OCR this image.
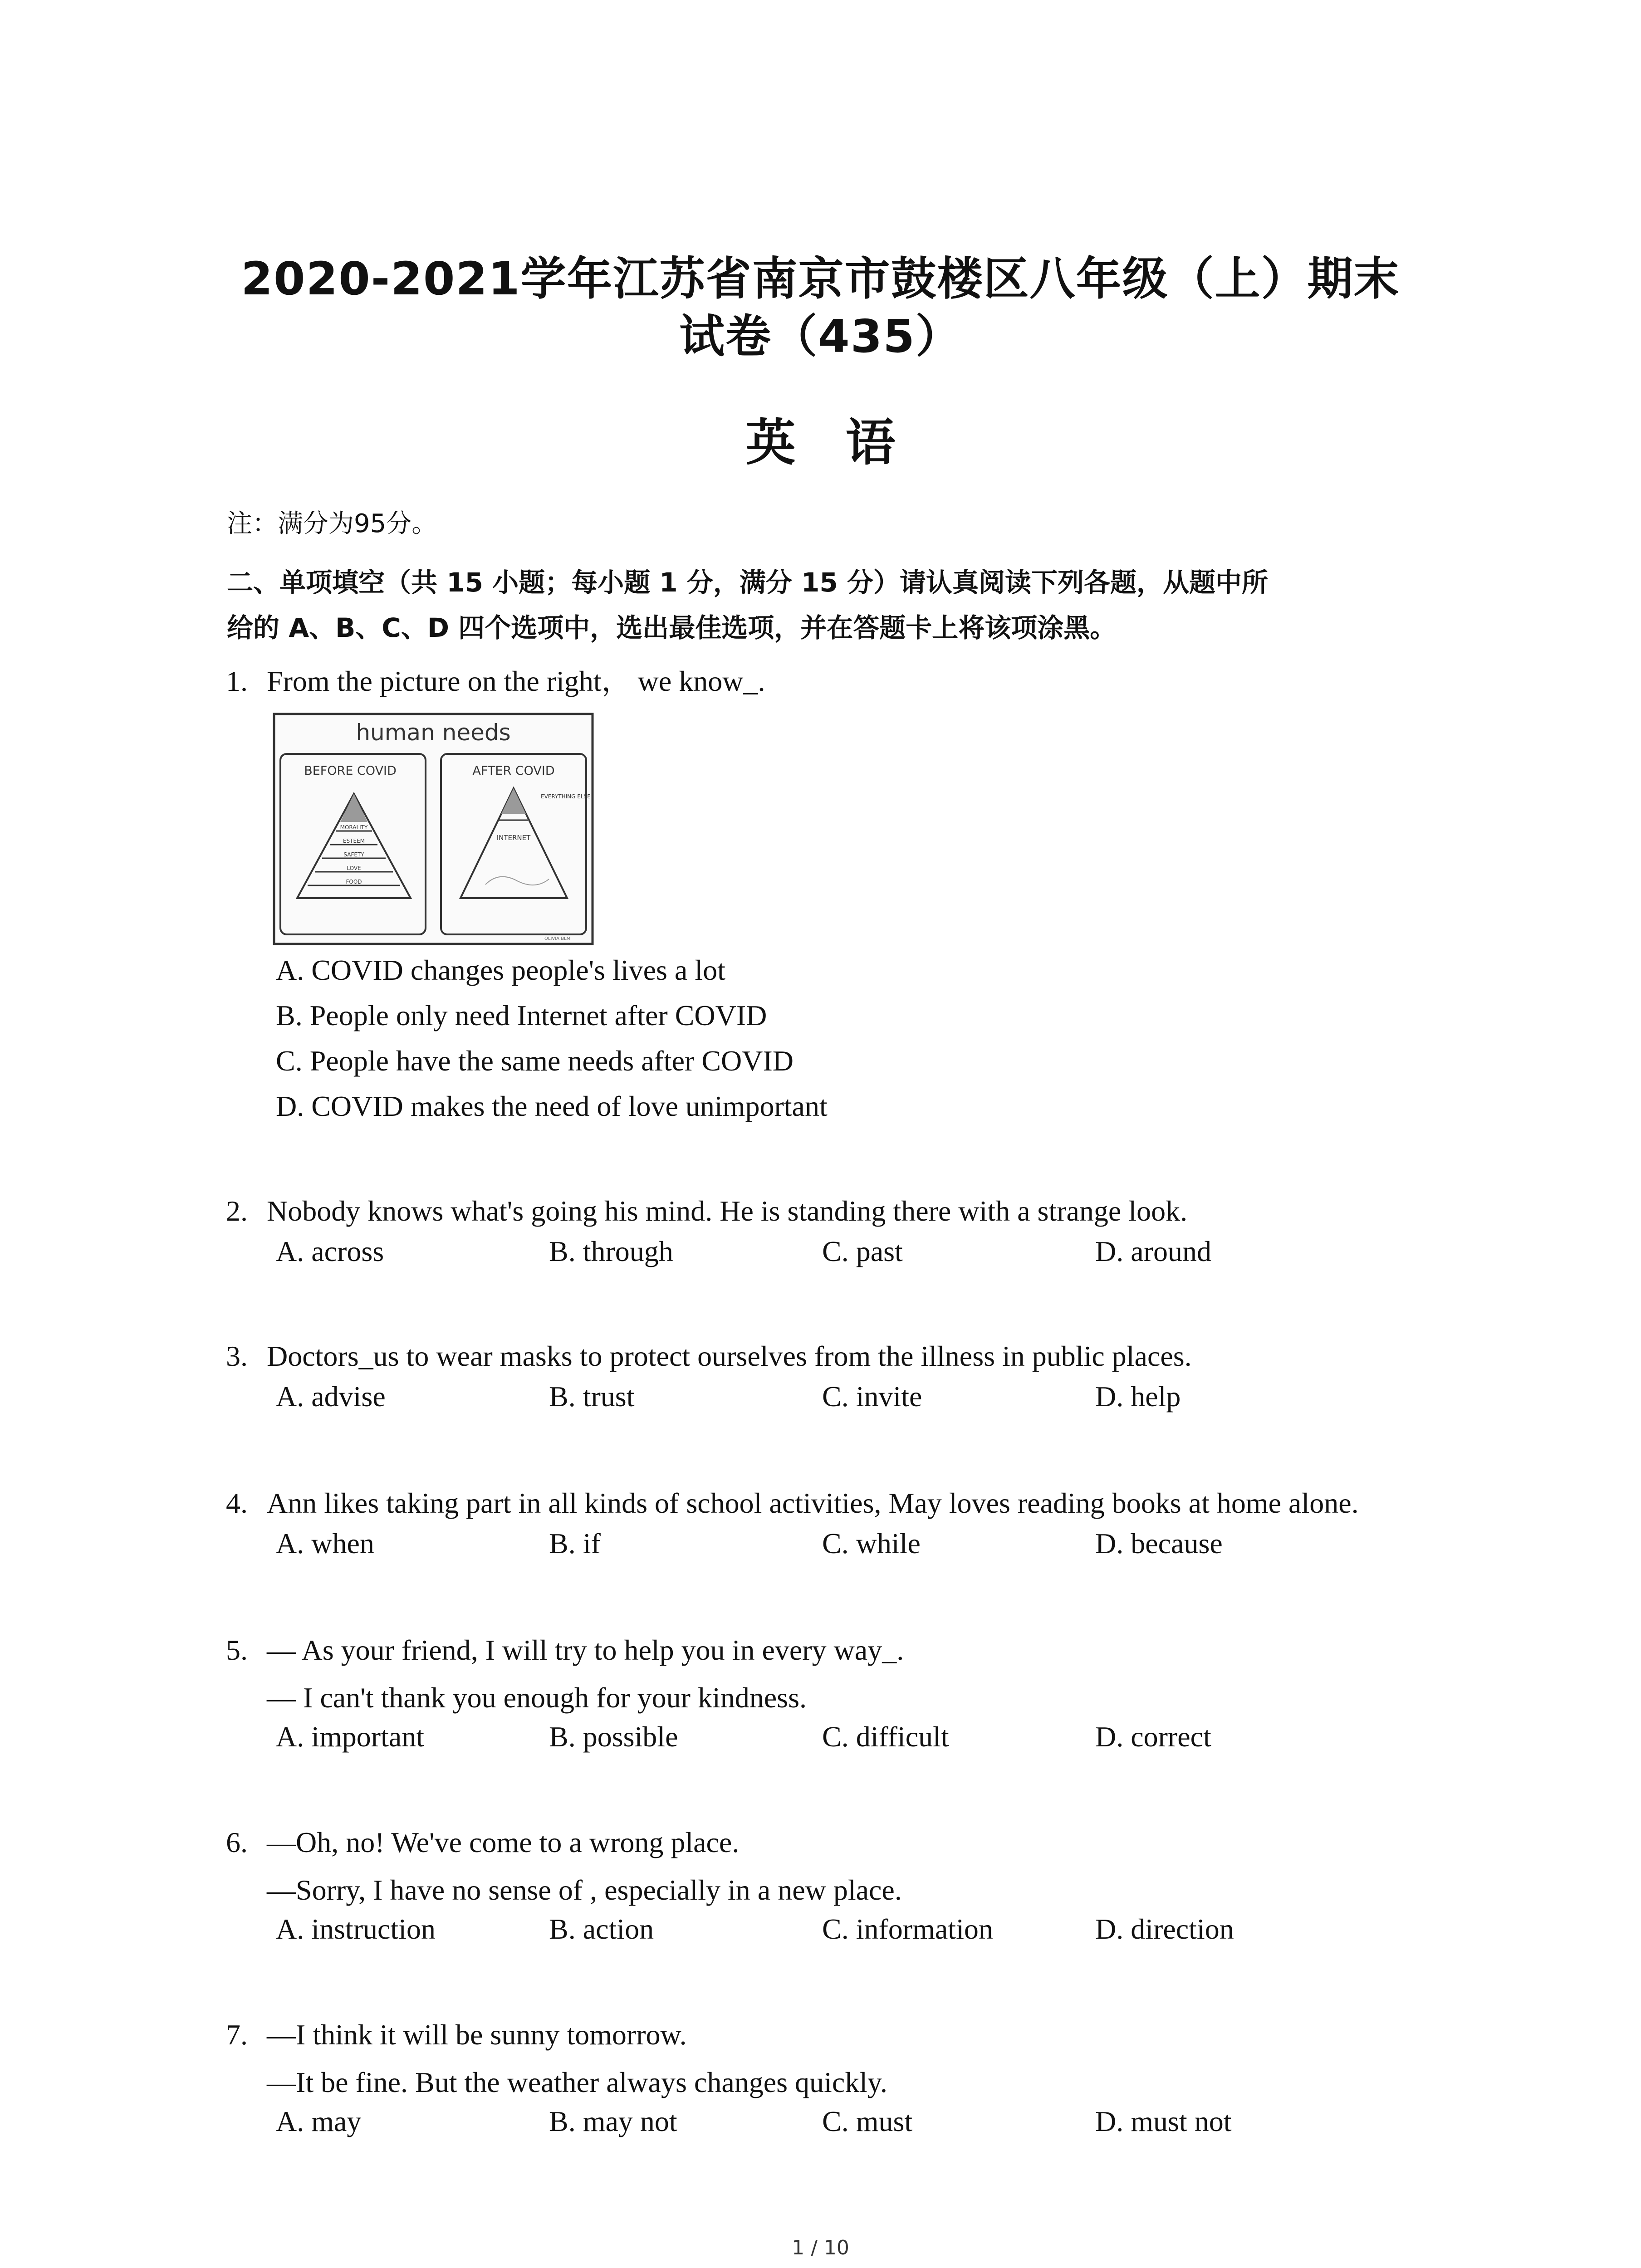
2020-2021学年江苏省南京市鼓楼区八年级（上）期末
试卷（435）
英语
注：满分为95分。
二、单项填空（共 15 小题；每小题 1 分，满分 15 分）请认真阅读下列各题，从题中所
给的 A、B、C、D 四个选项中，选出最佳选项，并在答题卡上将该项涂黑。
1. From the picture on the right， we know_.
human needs
BEFORE COVID
MORALITY
ESTEEM
SAFETY
LOVE
FOOD
AFTER COVID
EVERYTHING ELSE
INTERNET
OLIVIA BLM
A. COVID changes people's lives a lot
B. People only need Internet after COVID
C. People have the same needs after COVID
D. COVID makes the need of love unimportant
2. Nobody knows what's going his mind. He is standing there with a strange look.
A. across	B. through	C. past	D. around
3. Doctors_us to wear masks to protect ourselves from the illness in public places.
A. advise	B. trust	C. invite	D. help
4. Ann likes taking part in all kinds of school activities, May loves reading books at home alone.
A. when	B. if	C. while	D. because
5. — As your friend, I will try to help you in every way_.
— I can't thank you enough for your kindness.
A. important	B. possible	C. difficult	D. correct
6. —Oh, no! We've come to a wrong place.
—Sorry, I have no sense of , especially in a new place.
A. instruction	B. action	C. information	D. direction
7. —I think it will be sunny tomorrow.
—It be fine. But the weather always changes quickly.
A. may	B. may not	C. must	D. must not
1 / 10
